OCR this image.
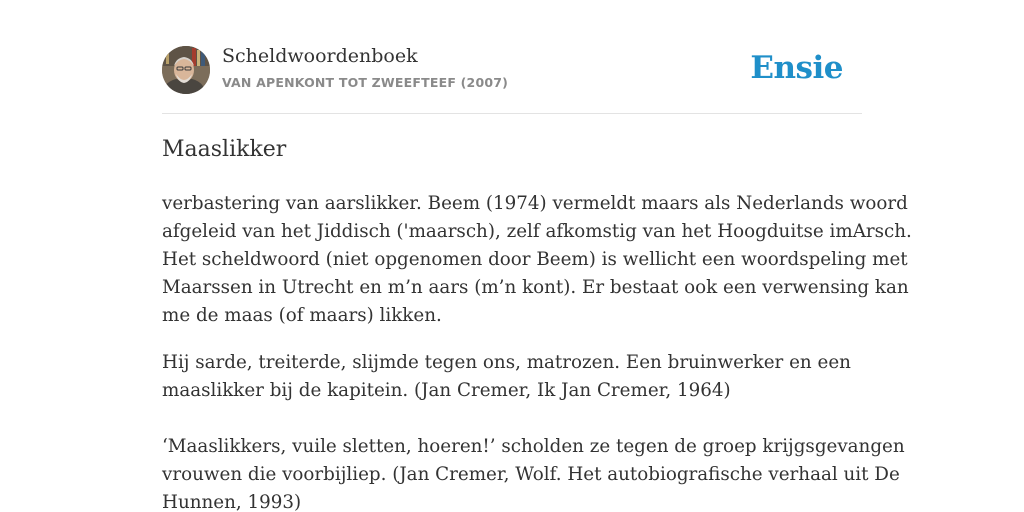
Scheldwoordenboek
VAN APENKONT TOT ZWEEFTEEF (2007)	Ensie
Maaslikker

verbastering van aarslikker. Beem (1974) vermeldt maars als Nederlands woord
afgeleid van het Jiddisch ('maarsch), zelf afkomstig van het Hoogduitse imArsch.
Het scheldwoord (niet opgenomen door Beem) is wellicht een woordspeling met
Maarssen in Utrecht en m’n aars (m’n kont). Er bestaat ook een verwensing kan
me de maas (of maars) likken.

Hij sarde, treiterde, slijmde tegen ons, matrozen. Een bruinwerker en een
maaslikker bij de kapitein. (Jan Cremer, Ik Jan Cremer, 1964)

‘Maaslikkers, vuile sletten, hoeren!’ scholden ze tegen de groep krijgsgevangen
vrouwen die voorbijliep. (Jan Cremer, Wolf. Het autobiografische verhaal uit De
Hunnen, 1993)
